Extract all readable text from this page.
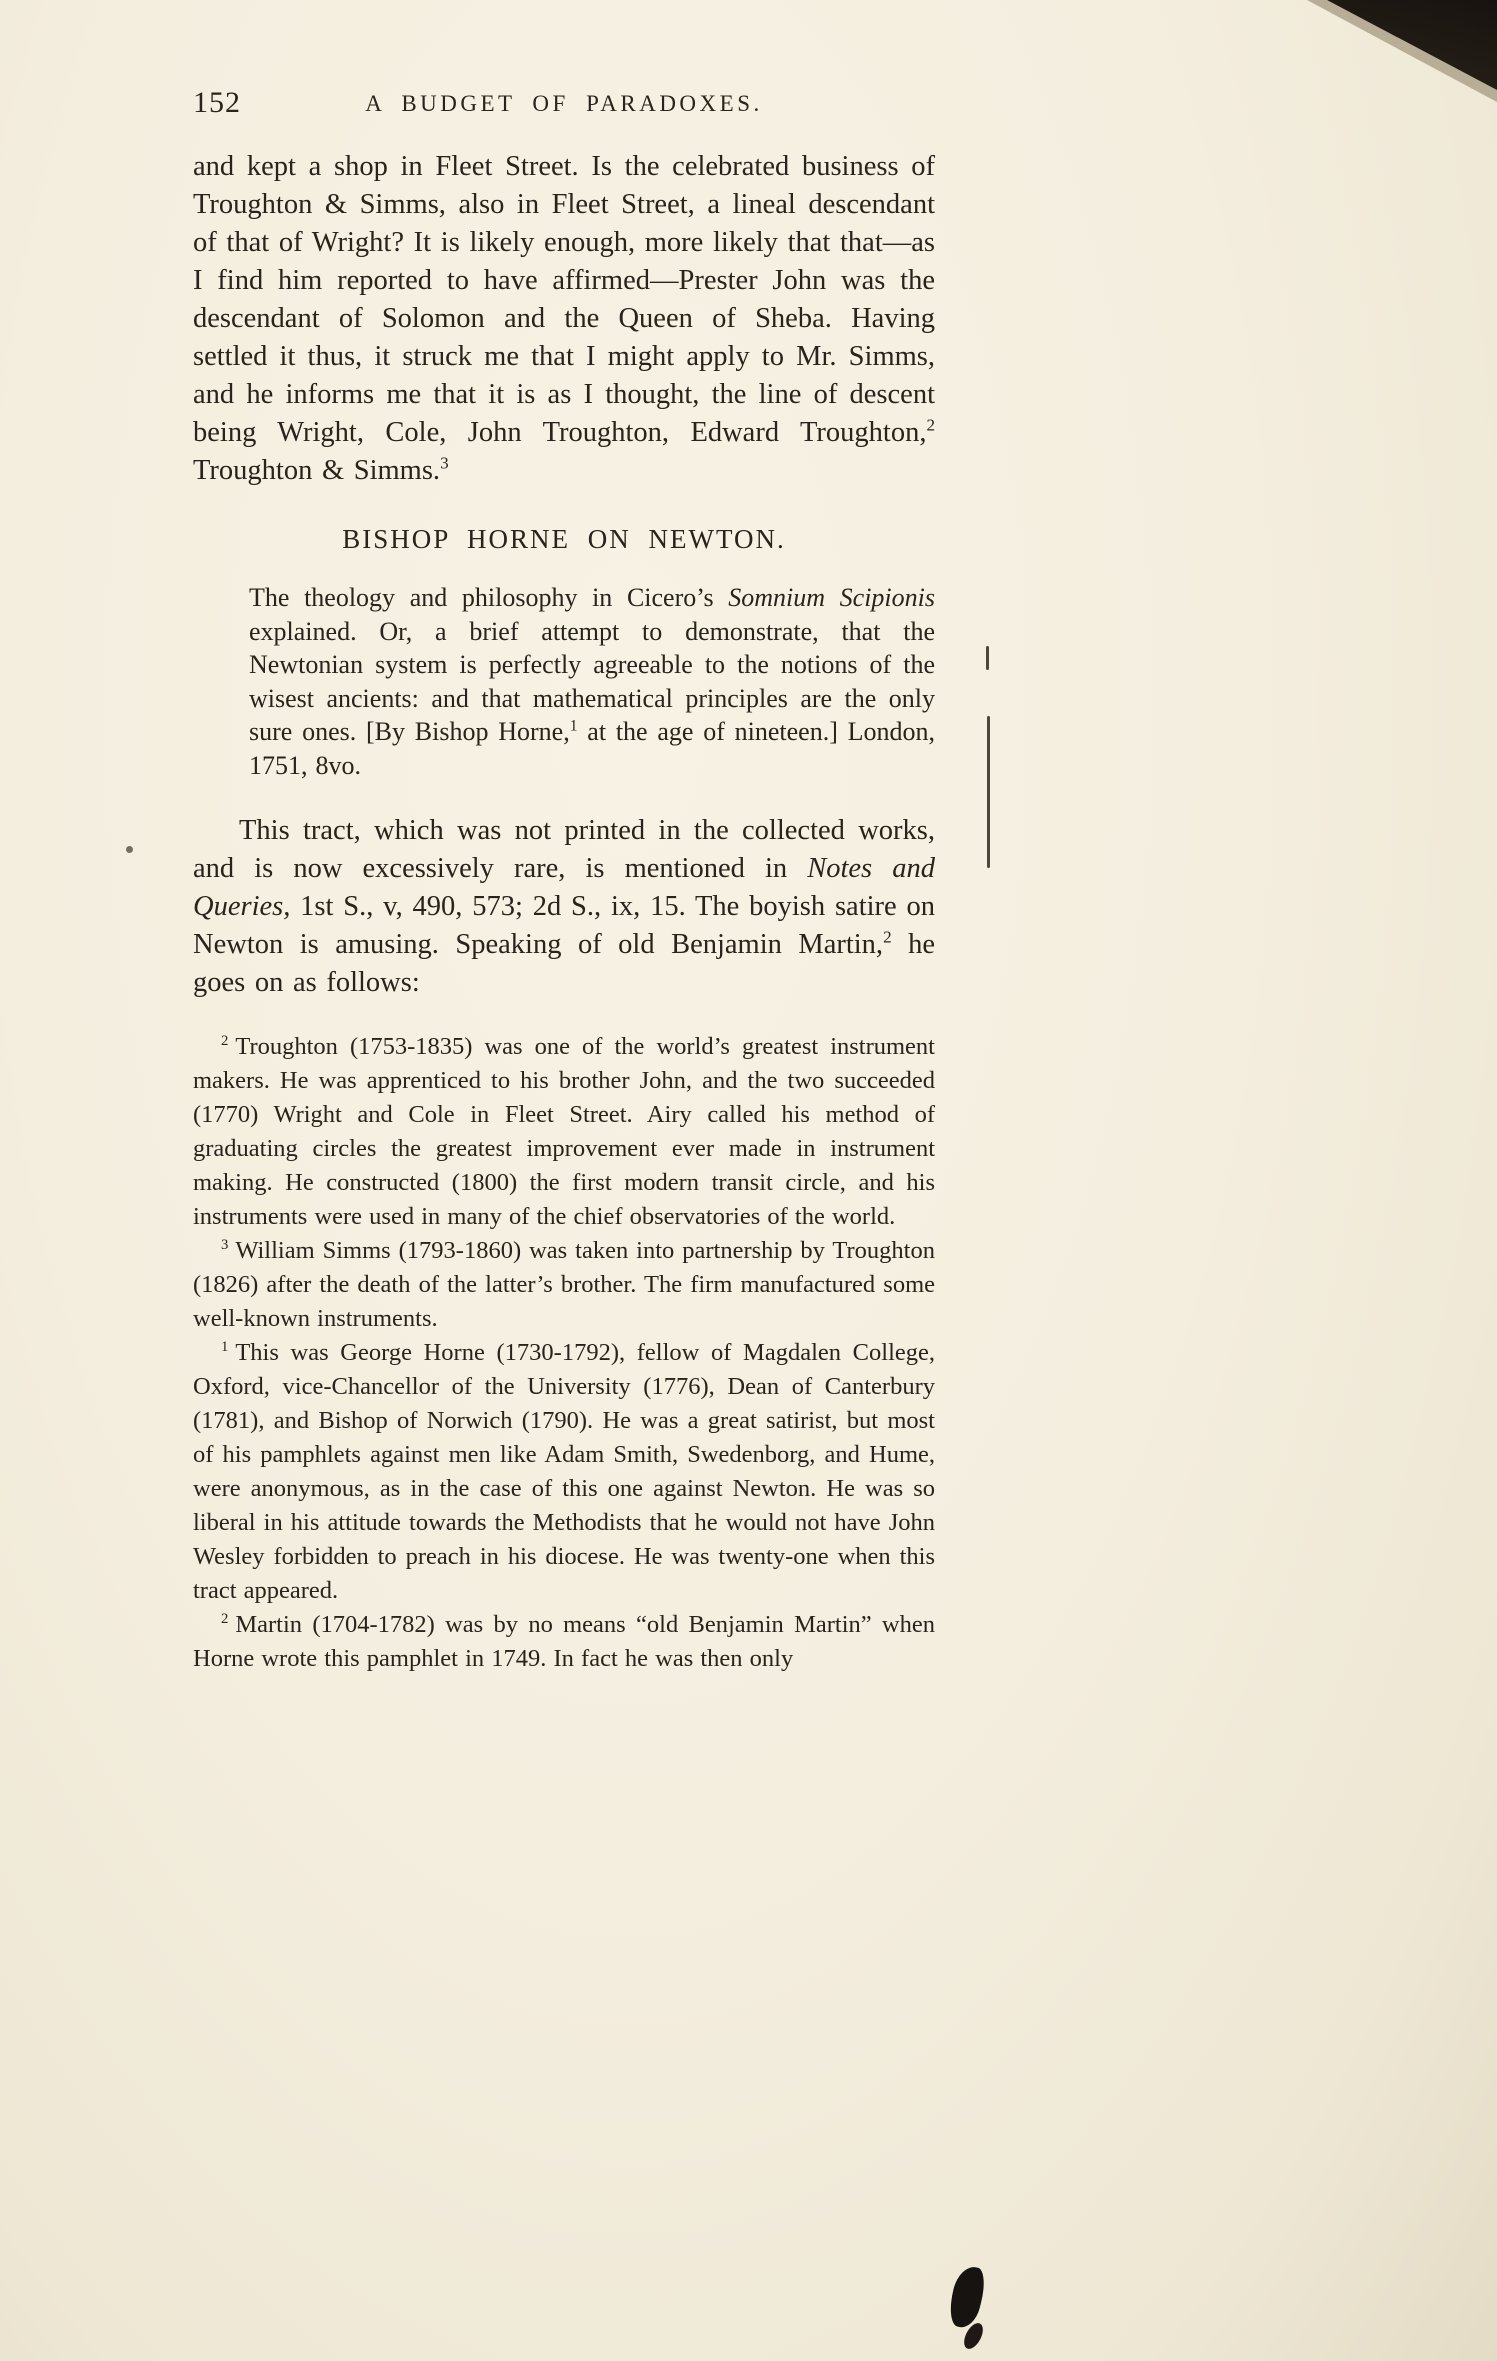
152	A BUDGET OF PARADOXES.

and kept a shop in Fleet Street. Is the celebrated business of Troughton & Simms, also in Fleet Street, a lineal descendant of that of Wright? It is likely enough, more likely that that—as I find him reported to have affirmed—Prester John was the descendant of Solomon and the Queen of Sheba. Having settled it thus, it struck me that I might apply to Mr. Simms, and he informs me that it is as I thought, the line of descent being Wright, Cole, John Troughton, Edward Troughton,$^2$ Troughton & Simms.$^3$

BISHOP HORNE ON NEWTON.

The theology and philosophy in Cicero’s Somnium Scipionis explained. Or, a brief attempt to demonstrate, that the Newtonian system is perfectly agreeable to the notions of the wisest ancients: and that mathematical principles are the only sure ones. [By Bishop Horne,$^1$ at the age of nineteen.] London, 1751, 8vo.

This tract, which was not printed in the collected works, and is now excessively rare, is mentioned in Notes and Queries, 1st S., v, 490, 573; 2d S., ix, 15. The boyish satire on Newton is amusing. Speaking of old Benjamin Martin,$^2$ he goes on as follows:

$^2$ Troughton (1753-1835) was one of the world’s greatest instrument makers. He was apprenticed to his brother John, and the two succeeded (1770) Wright and Cole in Fleet Street. Airy called his method of graduating circles the greatest improvement ever made in instrument making. He constructed (1800) the first modern transit circle, and his instruments were used in many of the chief observatories of the world.

$^3$ William Simms (1793-1860) was taken into partnership by Troughton (1826) after the death of the latter’s brother. The firm manufactured some well-known instruments.

$^1$ This was George Horne (1730-1792), fellow of Magdalen College, Oxford, vice-Chancellor of the University (1776), Dean of Canterbury (1781), and Bishop of Norwich (1790). He was a great satirist, but most of his pamphlets against men like Adam Smith, Swedenborg, and Hume, were anonymous, as in the case of this one against Newton. He was so liberal in his attitude towards the Methodists that he would not have John Wesley forbidden to preach in his diocese. He was twenty-one when this tract appeared.

$^2$ Martin (1704-1782) was by no means “old Benjamin Martin” when Horne wrote this pamphlet in 1749. In fact he was then only
